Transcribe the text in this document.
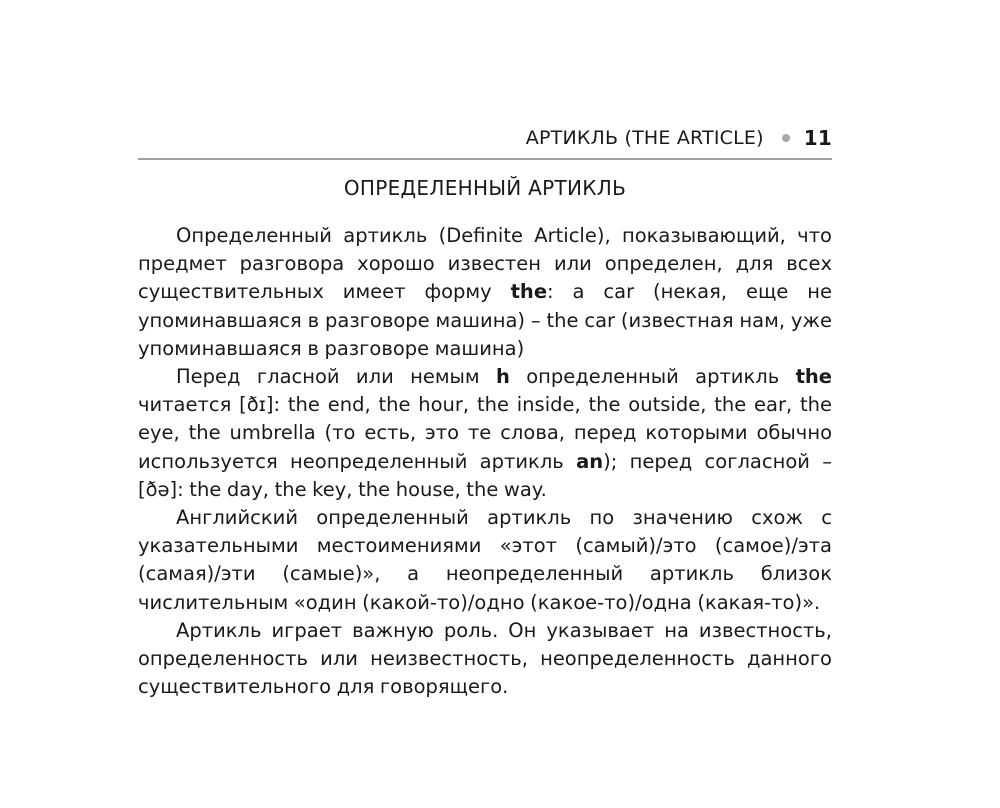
АРТИКЛЬ (THE ARTICLE) 11
ОПРЕДЕЛЕННЫЙ АРТИКЛЬ

Определенный артикль (Definite Article), показывающий, что предмет разговора хорошо известен или определен, для всех существительных имеет форму the: a car (некая, еще не упоминавшаяся в разговоре машина) – the car (известная нам, уже упоминавшаяся в разговоре машина)

Перед гласной или немым h определенный артикль the читается [ðɪ]: the end, the hour, the inside, the outside, the ear, the eye, the umbrella (то есть, это те слова, перед которыми обычно используется неопределенный артикль an); перед согласной – [ðə]: the day, the key, the house, the way.

Английский определенный артикль по значению схож с указательными местоимениями «этот (самый)/это (самое)/эта (самая)/эти (самые)», а неопределенный артикль близок числительным «один (какой-то)/одно (какое-то)/одна (какая-то)».

Артикль играет важную роль. Он указывает на известность, определенность или неизвестность, неопределенность данного существительного для говорящего.
